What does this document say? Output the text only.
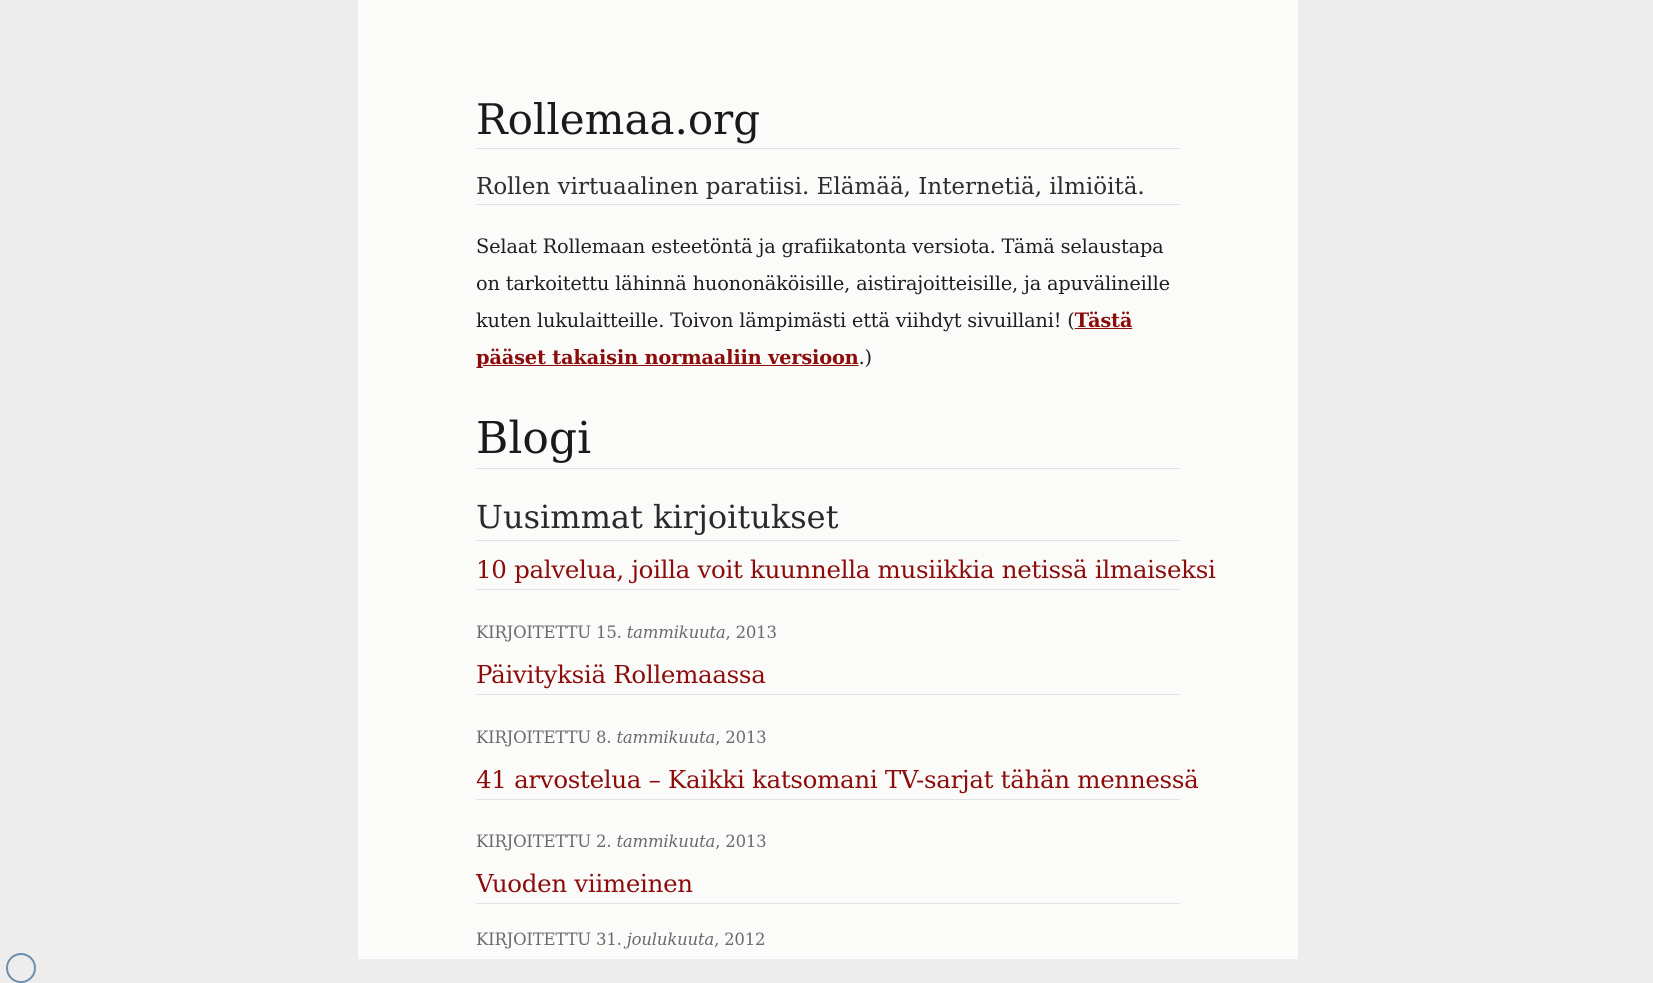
Rollemaa.org

Rollen virtuaalinen paratiisi. Elämää, Internetiä, ilmiöitä.

Selaat Rollemaan esteetöntä ja grafiikatonta versiota. Tämä selaustapa on tarkoitettu lähinnä huononäköisille, aistirajoitteisille, ja apuvälineille kuten lukulaitteille. Toivon lämpimästi että viihdyt sivuillani! (Tästä pääset takaisin normaaliin versioon.)

Blogi
Uusimmat kirjoitukset
10 palvelua, joilla voit kuunnella musiikkia netissä ilmaiseksi

KIRJOITETTU 15. tammikuuta, 2013

Päivityksiä Rollemaassa

KIRJOITETTU 8. tammikuuta, 2013

41 arvostelua – Kaikki katsomani TV-sarjat tähän mennessä

KIRJOITETTU 2. tammikuuta, 2013

Vuoden viimeinen

KIRJOITETTU 31. joulukuuta, 2012
